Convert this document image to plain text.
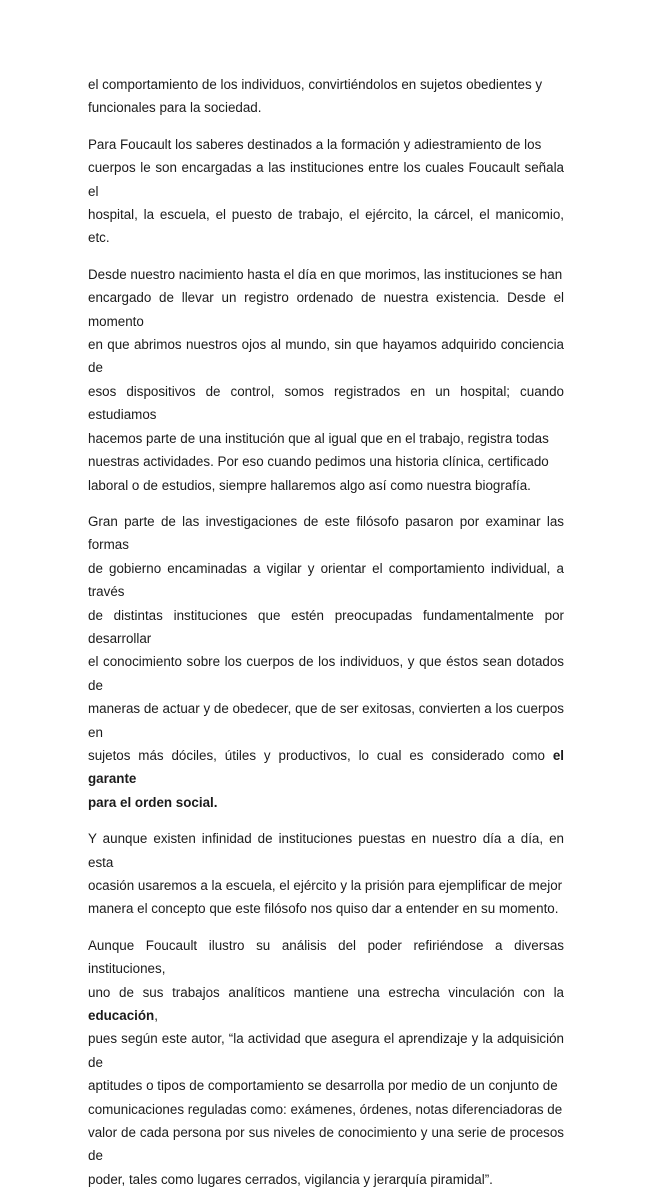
el comportamiento de los individuos, convirtiéndolos en sujetos obedientes y
funcionales para la sociedad.

Para Foucault los saberes destinados a la formación y adiestramiento de los
cuerpos le son encargadas a las instituciones entre los cuales Foucault señala el
hospital, la escuela, el puesto de trabajo, el ejército, la cárcel, el manicomio, etc.

Desde nuestro nacimiento hasta el día en que morimos, las instituciones se han
encargado de llevar un registro ordenado de nuestra existencia. Desde el momento
en que abrimos nuestros ojos al mundo, sin que hayamos adquirido conciencia de
esos dispositivos de control, somos registrados en un hospital; cuando estudiamos
hacemos parte de una institución que al igual que en el trabajo, registra todas
nuestras actividades. Por eso cuando pedimos una historia clínica, certificado
laboral o de estudios, siempre hallaremos algo así como nuestra biografía.

Gran parte de las investigaciones de este filósofo pasaron por examinar las formas
de gobierno encaminadas a vigilar y orientar el comportamiento individual, a través
de distintas instituciones que estén preocupadas fundamentalmente por desarrollar
el conocimiento sobre los cuerpos de los individuos, y que éstos sean dotados de
maneras de actuar y de obedecer, que de ser exitosas, convierten a los cuerpos en
sujetos más dóciles, útiles y productivos, lo cual es considerado como el garante
para el orden social.

Y aunque existen infinidad de instituciones puestas en nuestro día a día, en esta
ocasión usaremos a la escuela, el ejército y la prisión para ejemplificar de mejor
manera el concepto que este filósofo nos quiso dar a entender en su momento.

Aunque Foucault ilustro su análisis del poder refiriéndose a diversas instituciones,
uno de sus trabajos analíticos mantiene una estrecha vinculación con la educación,
pues según este autor, “la actividad que asegura el aprendizaje y la adquisición de
aptitudes o tipos de comportamiento se desarrolla por medio de un conjunto de
comunicaciones reguladas como: exámenes, órdenes, notas diferenciadoras de
valor de cada persona por sus niveles de conocimiento y una serie de procesos de
poder, tales como lugares cerrados, vigilancia y jerarquía piramidal”.
